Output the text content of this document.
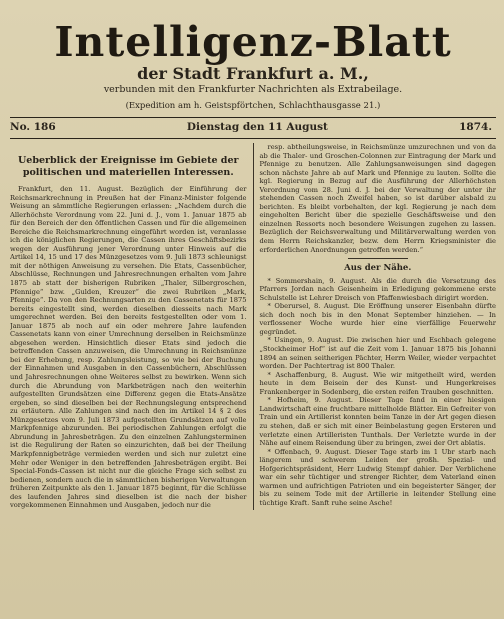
Intelligenz-Blatt
der Stadt Frankfurt a. M.,
verbunden mit den Frankfurter Nachrichten als Extrabeilage.
(Expedition am h. Geistspförtchen, Schlachthausgasse 21.)
No. 186	Dienstag den 11 August	1874.
Ueberblick der Ereignisse im Gebiete der politischen und materiellen Interessen.

Frankfurt, den 11. August. Bezüglich der Einführung der Reichsmarkrechnung in Preußen hat der Finanz-Minister folgende Weisung an sämmtliche Regierungen erlassen: „Nachdem durch die Allerhöchste Verordnung vom 22. Juni d. J., vom 1. Januar 1875 ab für den Bereich der den öffentlichen Cassen und für die allgemeinen Bereiche die Reichsmarkrechnung eingeführt worden ist, veranlasse ich die königlichen Regierungen, die Cassen ihres Geschäftsbezirks wegen der Ausführung jener Verordnung unter Hinweis auf die Artikel 14, 15 und 17 des Münzgesetzes vom 9. Juli 1873 schleunigst mit der nöthigen Anweisung zu versehen. Die Etats, Cassenbücher, Abschlüsse, Rechnungen und Jahresrechnungen erhalten vom Jahre 1875 ab statt der bisherigen Rubriken „Thaler, Silbergroschen, Pfennige“ bzw. „Gulden, Kreuzer“ die zwei Rubriken „Mark, Pfennige“. Da von den Rechnungsarten zu den Cassenetats für 1875 bereits eingestellt sind, werden dieselben diesseits nach Mark umgerechnet werden. Bei den bereits festgestellten oder vom 1. Januar 1875 ab noch auf ein oder mehrere Jahre laufenden Cassenetats kann von einer Umrechnung derselben in Reichsmünze abgesehen werden. Hinsichtlich dieser Etats sind jedoch die betreffenden Cassen anzuweisen, die Umrechnung in Reichsmünze bei der Erhebung, resp. Zahlungsleistung, so wie bei der Buchung der Einnahmen und Ausgaben in den Cassenbüchern, Abschlüssen und Jahresrechnungen ohne Weiteres selbst zu bewirken. Wenn sich durch die Abrundung von Markbeträgen nach den weiterhin aufgestellten Grundsätzen eine Differenz gegen die Etats-Ansätze ergeben, so sind dieselben bei der Rechnungslegung entsprechend zu erläutern. Alle Zahlungen sind nach den im Artikel 14 § 2 des Münzgesetzes vom 9. Juli 1873 aufgestellten Grundsätzen auf volle Markpfennige abzurunden. Bei periodischen Zahlungen erfolgt die Abrundung in Jahresbeträgen. Zu den einzelnen Zahlungsterminen ist die Regulirung der Raten so einzurichten, daß bei der Theilung Markpfennigbeträge vermieden werden und sich nur zuletzt eine Mehr oder Weniger in den betreffenden Jahresbeträgen ergibt. Bei Special-Fonds-Cassen ist nicht nur die gleiche Frage sich selbst zu bedienen, sondern auch die in sämmtlichen bisherigen Verwaltungen früheren Zeitpunkte als den 1. Januar 1875 beginnt, für die Schlüsse des laufenden Jahres sind dieselben ist die nach der bisher vorgekommenen Einnahmen und Ausgaben, jedoch nur die

resp. abtheilungsweise, in Reichsmünze umzurechnen und von da ab die Thaler- und Groschen-Colonnen zur Eintragung der Mark und Pfennige zu benutzen. Alle Zahlungsanweisungen sind dagegen schon nächste Jahre ab auf Mark und Pfennige zu lauten. Sollte die kgl. Regierung in Bezug auf die Ausführung der Allerhöchsten Verordnung vom 28. Juni d. J. bei der Verwaltung der unter ihr stehenden Cassen noch Zweifel haben, so ist darüber alsbald zu berichten. Es bleibt vorbehalten, der kgl. Regierung je nach dem eingeholten Bericht über die spezielle Geschäftsweise und den einzelnen Ressorts noch besondere Weisungen zugehen zu lassen. Bezüglich der Reichsverwaltung und Militärverwaltung werden von dem Herrn Reichskanzler, bezw. dem Herrn Kriegsminister die erforderlichen Anordnungen getroffen werden.“

Aus der Nähe.

* Sommershain, 9. August. Als die durch die Versetzung des Pfarrers Jordan nach Geisenheim in Erledigung gekommene erste Schulstelle ist Lehrer Dreisch von Pfaffenwiesbach dirigirt worden.

* Oberursel, 8. August. Die Eröffnung unserer Eisenbahn dürfte sich doch noch bis in den Monat September hinziehen. — In verflossener Woche wurde hier eine vierfällige Feuerwehr gegründet.

* Usingen, 9. August. Die zwischen hier und Eschbach gelegene „Stockheimer Hof“ ist auf die Zeit vom 1. Januar 1875 bis Johanni 1894 an seinen seitherigen Pächter, Herrn Weiler, wieder verpachtet worden. Der Pachtertrag ist 800 Thaler.

* Aschaffenburg, 8. August. Wie wir mitgetheilt wird, werden heute in dem Beisein der des Kunst- und Hungerkreises Frankenberger in Sodenberg, die ersten reifen Trauben geschnitten.

* Hofheim, 9. August. Dieser Tage fand in einer hiesigen Landwirtschaft eine fruchtbare mittelholde Blätter. Ein Gefreiter von Train und ein Artillerist konnten beim Tanze in der Art gegen diesen zu stehen, daß er sich mit einer Beinbelastung gegen Ersteren und verletzte einen Artilleristen Tunthals. Der Verletzte wurde in der Nähe auf einem Reisendung über zu bringen, zwei der Ort ablatis.

* Offenbach, 9. August. Dieser Tage starb im 1 Ubr starb nach längerem und schwerem Leiden der großh. Spezial- und Hofgerichtspräsident, Herr Ludwig Stempf dahier. Der Verblichene war ein sehr tüchtiger und strenger Richter, dem Vaterland einen warmen und aufrichtigen Patrioten und ein begeisterter Sänger, der bis zu seinem Tode mit der Artillerie in leitender Stellung eine tüchtige Kraft. Sanft ruhe seine Asche!
